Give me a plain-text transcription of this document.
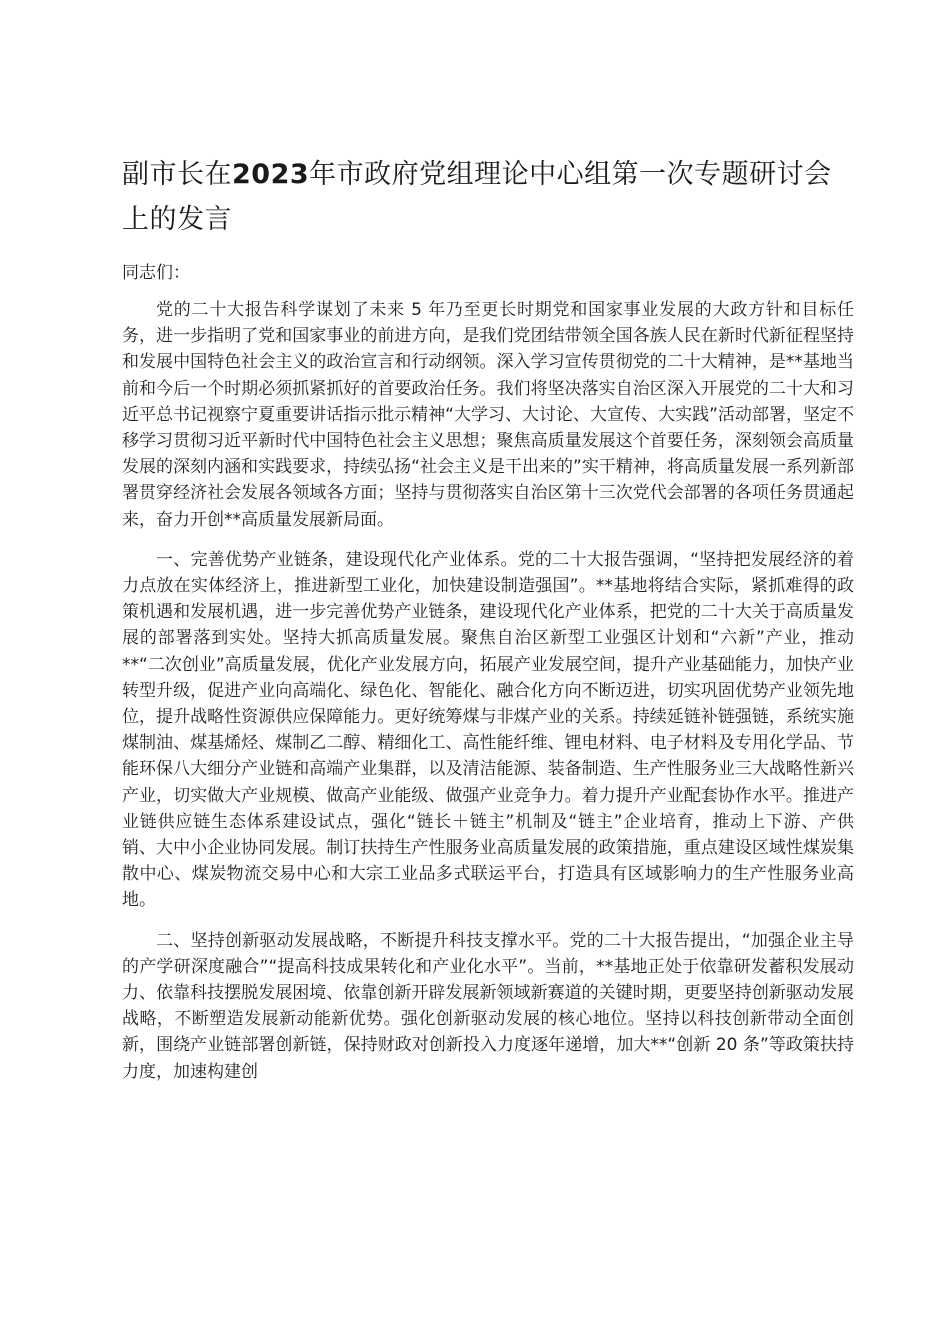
副市长在2023年市政府党组理论中心组第一次专题研讨会上的发言

同志们：

党的二十大报告科学谋划了未来 5 年乃至更长时期党和国家事业发展的大政方针和目标任务，进一步指明了党和国家事业的前进方向，是我们党团结带领全国各族人民在新时代新征程坚持和发展中国特色社会主义的政治宣言和行动纲领。深入学习宣传贯彻党的二十大精神，是**基地当前和今后一个时期必须抓紧抓好的首要政治任务。我们将坚决落实自治区深入开展党的二十大和习近平总书记视察宁夏重要讲话指示批示精神“大学习、大讨论、大宣传、大实践”活动部署，坚定不移学习贯彻习近平新时代中国特色社会主义思想；聚焦高质量发展这个首要任务，深刻领会高质量发展的深刻内涵和实践要求，持续弘扬“社会主义是干出来的”实干精神，将高质量发展一系列新部署贯穿经济社会发展各领域各方面；坚持与贯彻落实自治区第十三次党代会部署的各项任务贯通起来，奋力开创**高质量发展新局面。

一、完善优势产业链条，建设现代化产业体系。党的二十大报告强调，“坚持把发展经济的着力点放在实体经济上，推进新型工业化，加快建设制造强国”。**基地将结合实际，紧抓难得的政策机遇和发展机遇，进一步完善优势产业链条，建设现代化产业体系，把党的二十大关于高质量发展的部署落到实处。坚持大抓高质量发展。聚焦自治区新型工业强区计划和“六新”产业，推动**“二次创业”高质量发展，优化产业发展方向，拓展产业发展空间，提升产业基础能力，加快产业转型升级，促进产业向高端化、绿色化、智能化、融合化方向不断迈进，切实巩固优势产业领先地位，提升战略性资源供应保障能力。更好统筹煤与非煤产业的关系。持续延链补链强链，系统实施煤制油、煤基烯烃、煤制乙二醇、精细化工、高性能纤维、锂电材料、电子材料及专用化学品、节能环保八大细分产业链和高端产业集群，以及清洁能源、装备制造、生产性服务业三大战略性新兴产业，切实做大产业规模、做高产业能级、做强产业竞争力。着力提升产业配套协作水平。推进产业链供应链生态体系建设试点，强化“链长＋链主”机制及“链主”企业培育，推动上下游、产供销、大中小企业协同发展。制订扶持生产性服务业高质量发展的政策措施，重点建设区域性煤炭集散中心、煤炭物流交易中心和大宗工业品多式联运平台，打造具有区域影响力的生产性服务业高地。

二、坚持创新驱动发展战略，不断提升科技支撑水平。党的二十大报告提出，“加强企业主导的产学研深度融合”“提高科技成果转化和产业化水平”。当前，**基地正处于依靠研发蓄积发展动力、依靠科技摆脱发展困境、依靠创新开辟发展新领域新赛道的关键时期，更要坚持创新驱动发展战略，不断塑造发展新动能新优势。强化创新驱动发展的核心地位。坚持以科技创新带动全面创新，围绕产业链部署创新链，保持财政对创新投入力度逐年递增，加大**“创新 20 条”等政策扶持力度，加速构建创
